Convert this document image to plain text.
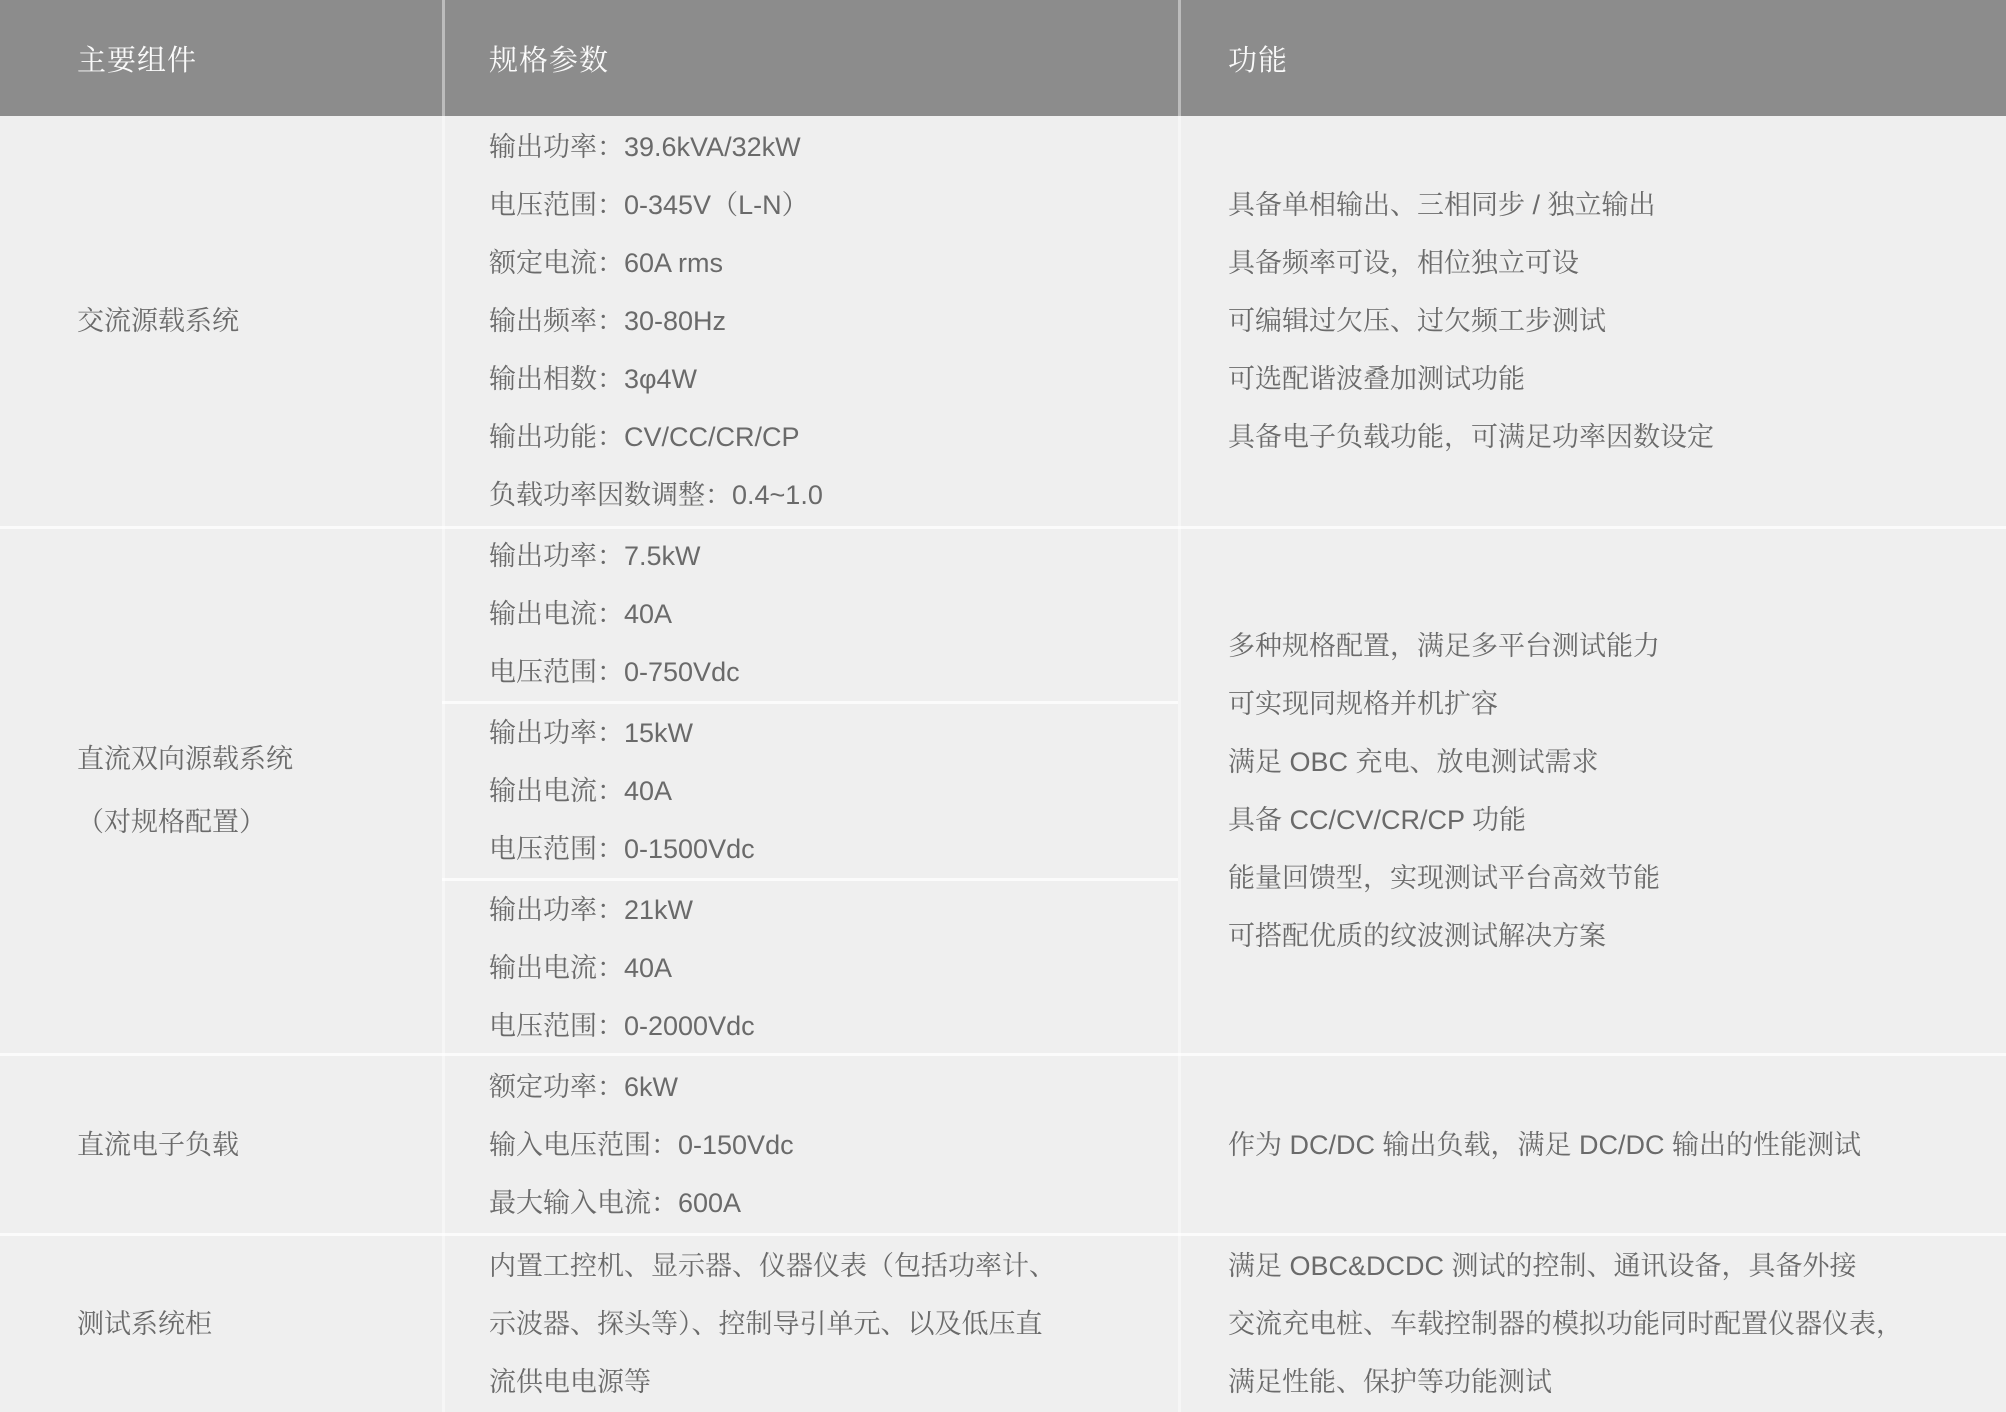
主要组件	规格参数	功能
交流源载系统
输出功率：39.6kVA/32kW
电压范围：0-345V（L-N）
额定电流：60A rms
输出频率：30-80Hz
输出相数：3φ4W
输出功能：CV/CC/CR/CP
负载功率因数调整：0.4~1.0
具备单相输出、三相同步 / 独立输出
具备频率可设，相位独立可设
可编辑过欠压、过欠频工步测试
可选配谐波叠加测试功能
具备电子负载功能，可满足功率因数设定
直流双向源载系统
（对规格配置）
输出功率：7.5kW
输出电流：40A
电压范围：0-750Vdc
输出功率：15kW
输出电流：40A
电压范围：0-1500Vdc
输出功率：21kW
输出电流：40A
电压范围：0-2000Vdc
多种规格配置，满足多平台测试能力
可实现同规格并机扩容
满足 OBC 充电、放电测试需求
具备 CC/CV/CR/CP 功能
能量回馈型，实现测试平台高效节能
可搭配优质的纹波测试解决方案
直流电子负载
额定功率：6kW
输入电压范围：0-150Vdc
最大输入电流：600A
作为 DC/DC 输出负载，满足 DC/DC 输出的性能测试
测试系统柜
内置工控机、显示器、仪器仪表（包括功率计、
示波器、探头等）、控制导引单元、以及低压直
流供电电源等
满足 OBC&DCDC 测试的控制、通讯设备，具备外接
交流充电桩、车载控制器的模拟功能同时配置仪器仪表，
满足性能、保护等功能测试
